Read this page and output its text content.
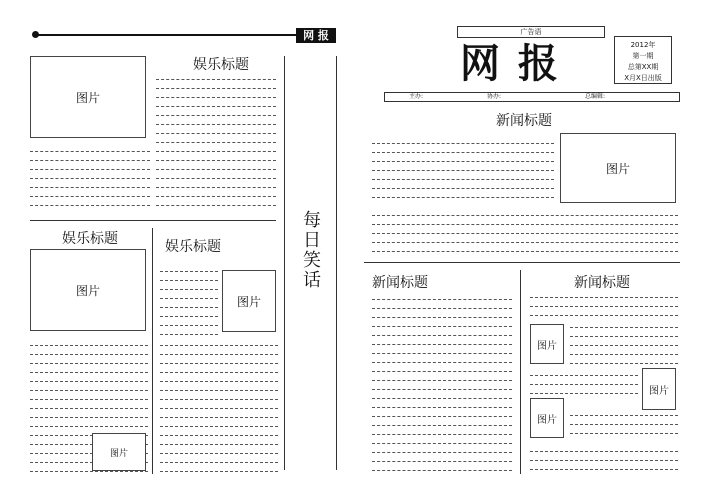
网 报
每日笑话
图片
娱乐标题
娱乐标题
图片
图片
娱乐标题
图片
广告语
网 报	2012年
第一期
总第XX期
X月X日出版
主办:	协办:	总编辑:
新闻标题
图片
新闻标题	新闻标题
图片
图片
图片
